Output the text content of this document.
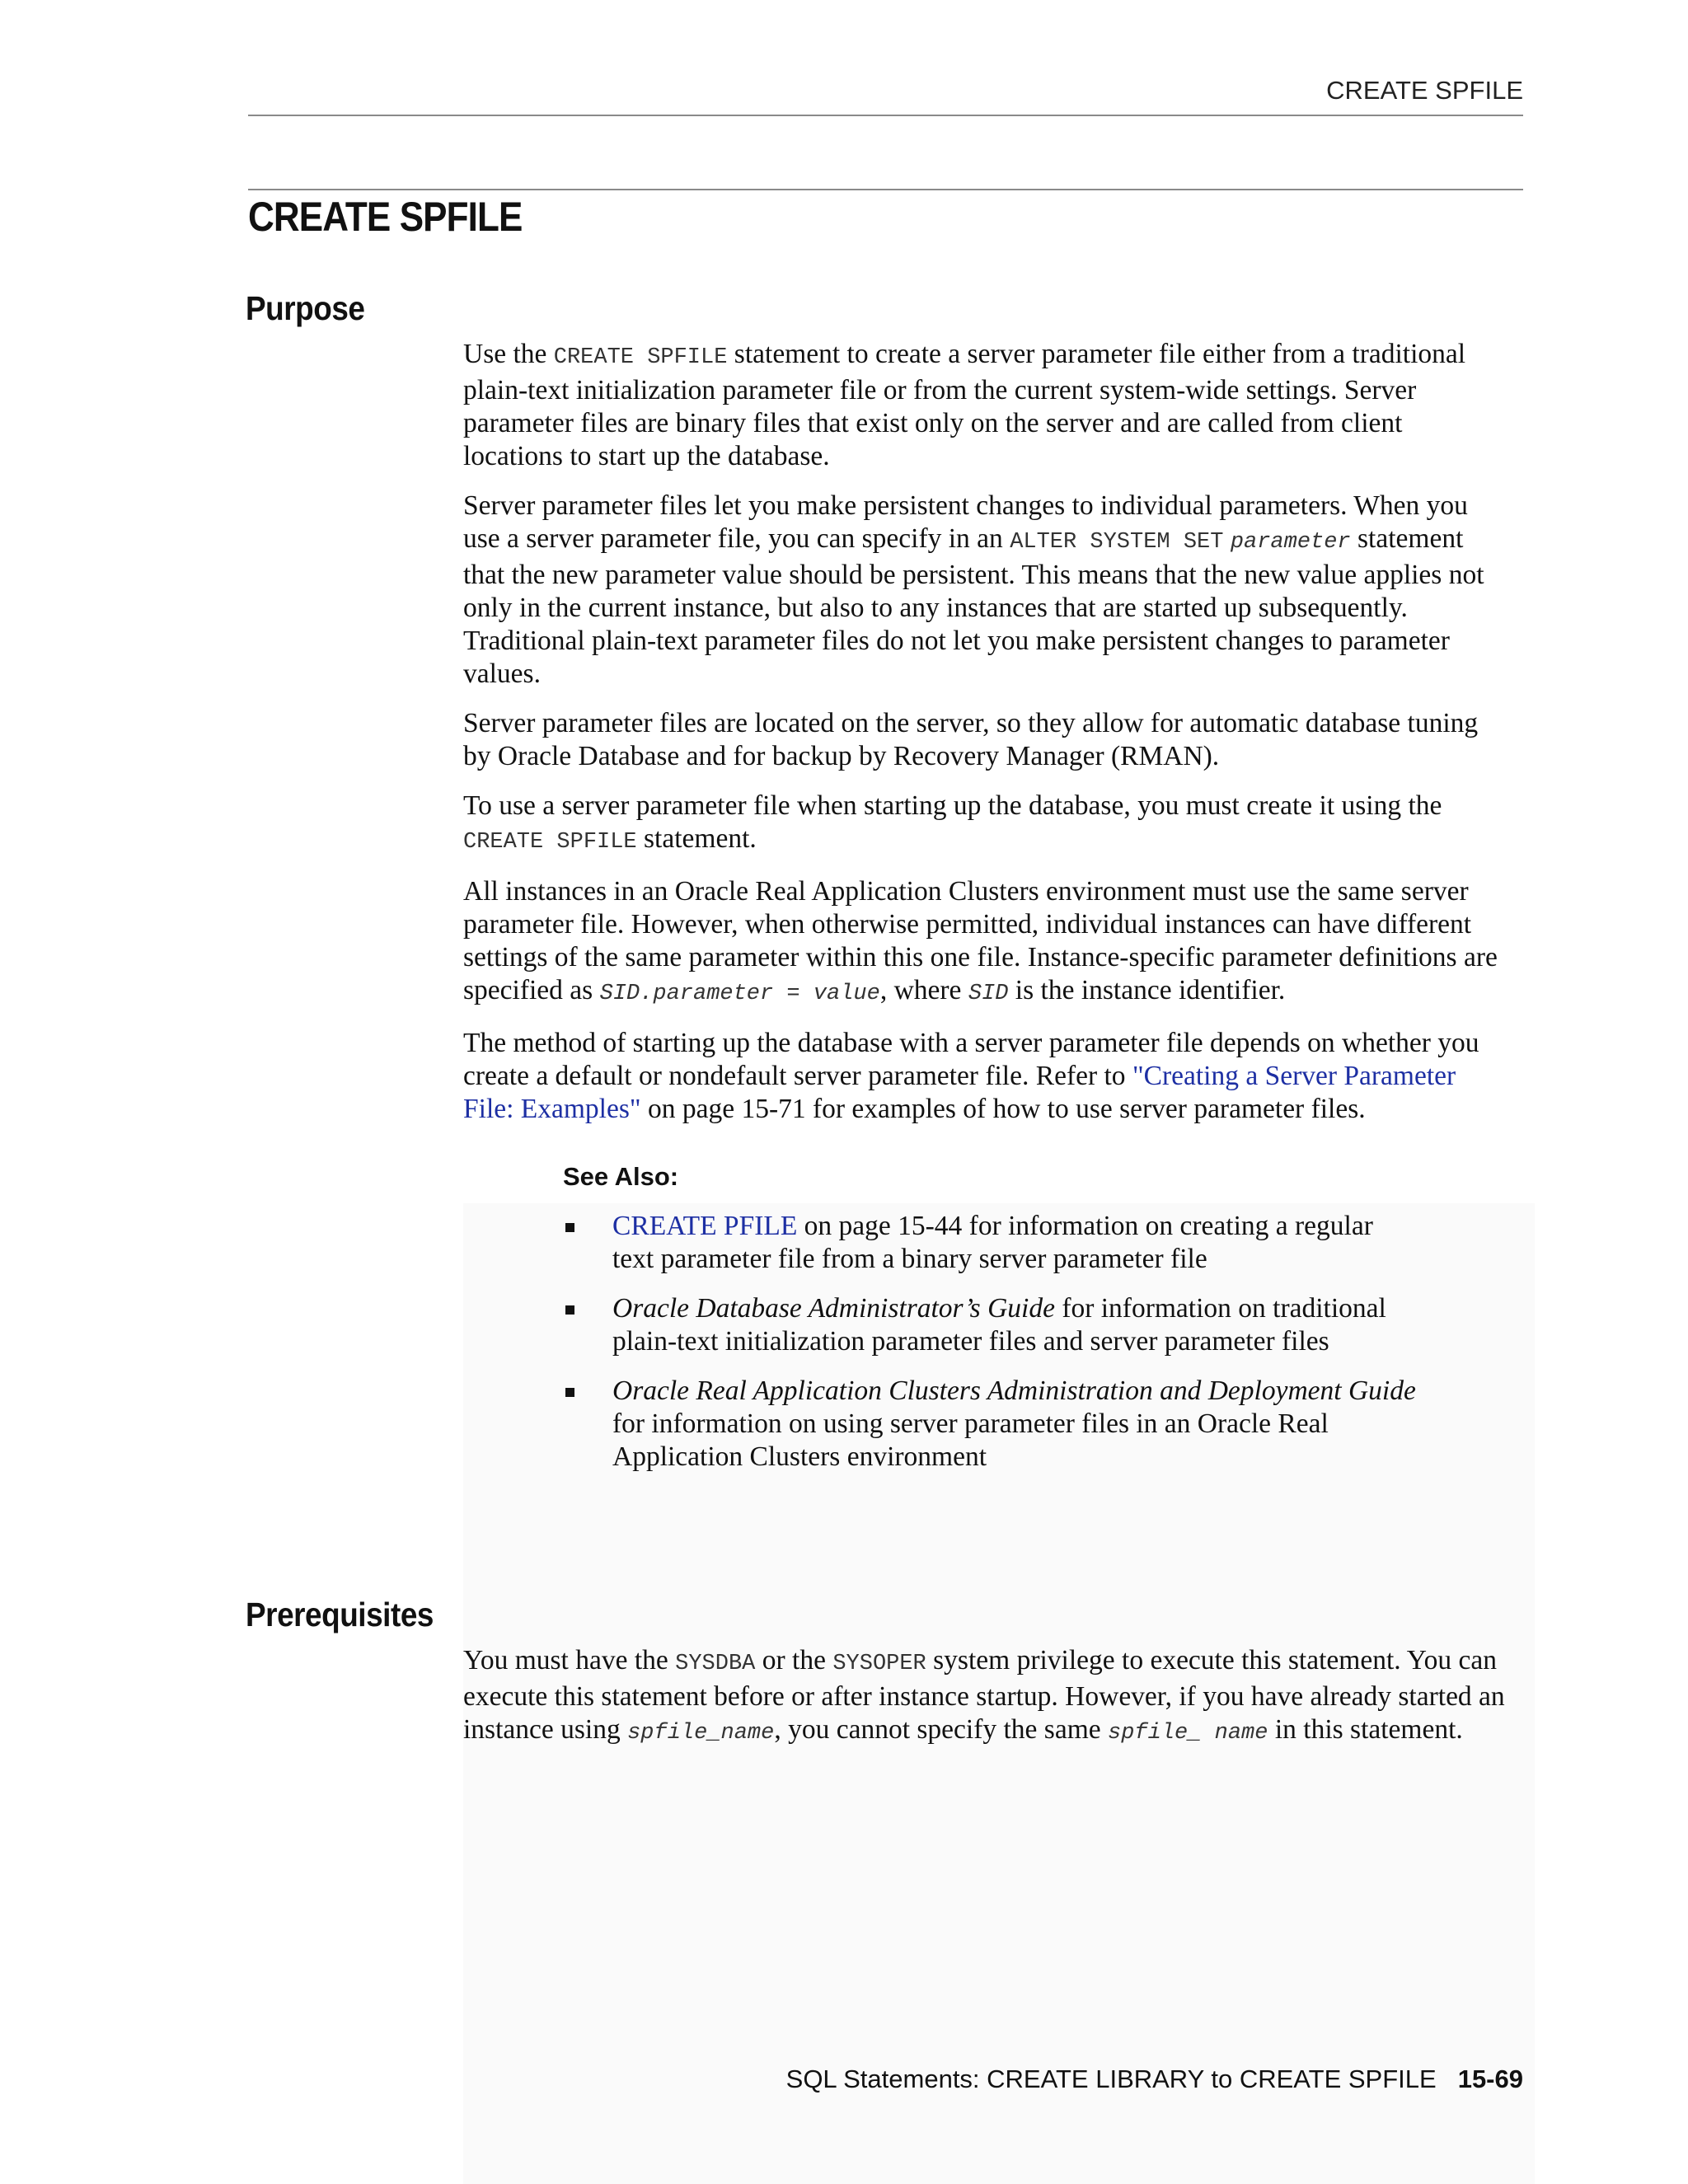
CREATE SPFILE
CREATE SPFILE
Purpose

Use the CREATE SPFILE statement to create a server parameter file either from a traditional plain-text initialization parameter file or from the current system-wide settings. Server parameter files are binary files that exist only on the server and are called from client locations to start up the database.

Server parameter files let you make persistent changes to individual parameters. When you use a server parameter file, you can specify in an ALTER SYSTEM SET parameter statement that the new parameter value should be persistent. This means that the new value applies not only in the current instance, but also to any instances that are started up subsequently. Traditional plain-text parameter files do not let you make persistent changes to parameter values.

Server parameter files are located on the server, so they allow for automatic database tuning by Oracle Database and for backup by Recovery Manager (RMAN).

To use a server parameter file when starting up the database, you must create it using the CREATE SPFILE statement.

All instances in an Oracle Real Application Clusters environment must use the same server parameter file. However, when otherwise permitted, individual instances can have different settings of the same parameter within this one file. Instance-specific parameter definitions are specified as SID.parameter = value, where SID is the instance identifier.

The method of starting up the database with a server parameter file depends on whether you create a default or nondefault server parameter file. Refer to "Creating a Server Parameter File: Examples" on page 15-71 for examples of how to use server parameter files.

See Also:
CREATE PFILE on page 15-44 for information on creating a regular text parameter file from a binary server parameter file
Oracle Database Administrator’s Guide for information on traditional plain-text initialization parameter files and server parameter files
Oracle Real Application Clusters Administration and Deployment Guide for information on using server parameter files in an Oracle Real Application Clusters environment
Prerequisites

You must have the SYSDBA or the SYSOPER system privilege to execute this statement. You can execute this statement before or after instance startup. However, if you have already started an instance using spfile_name, you cannot specify the same spfile_ name in this statement.

SQL Statements: CREATE LIBRARY to CREATE SPFILE 15-69
